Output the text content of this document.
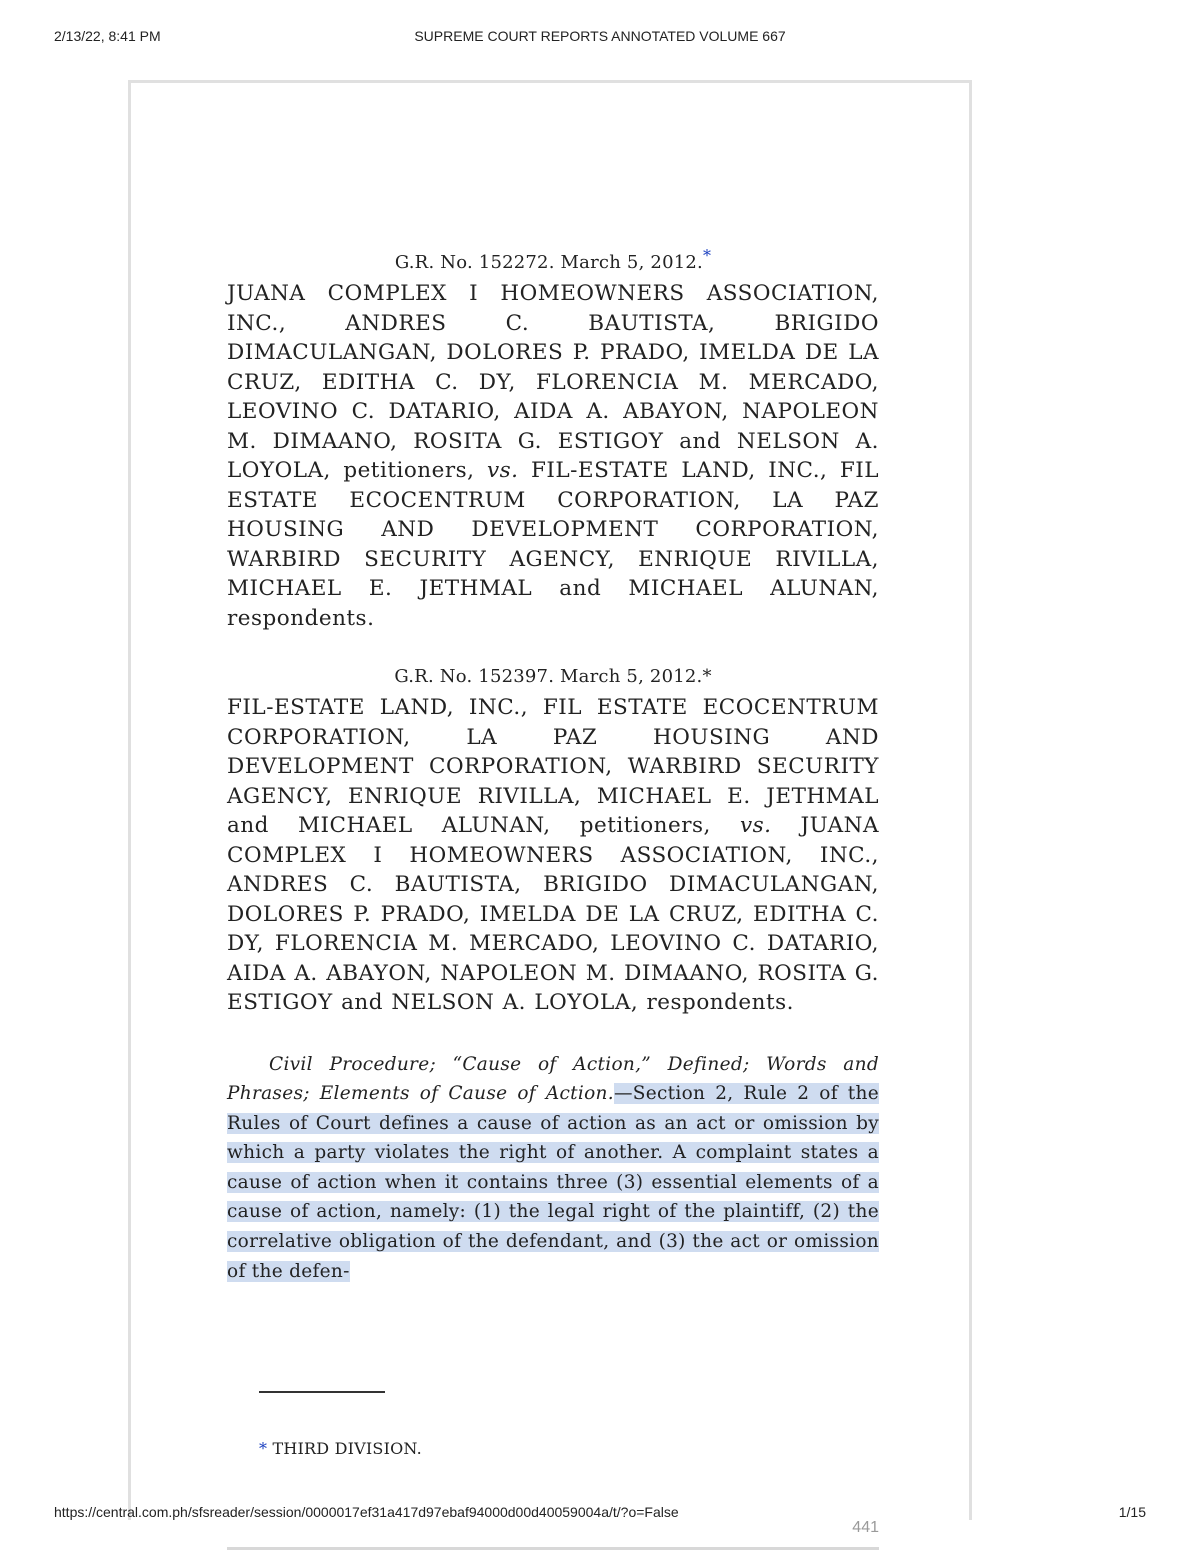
2/13/22, 8:41 PM	SUPREME COURT REPORTS ANNOTATED VOLUME 667

G.R. No. 152272. March 5, 2012.*

JUANA COMPLEX I HOMEOWNERS ASSOCIATION, INC., ANDRES C. BAUTISTA, BRIGIDO DIMACULANGAN, DOLORES P. PRADO, IMELDA DE LA CRUZ, EDITHA C. DY, FLORENCIA M. MERCADO, LEOVINO C. DATARIO, AIDA A. ABAYON, NAPOLEON M. DIMAANO, ROSITA G. ESTIGOY and NELSON A. LOYOLA, petitioners, vs. FIL-ESTATE LAND, INC., FIL ESTATE ECOCENTRUM CORPORATION, LA PAZ HOUSING AND DEVELOPMENT CORPORATION, WARBIRD SECURITY AGENCY, ENRIQUE RIVILLA, MICHAEL E. JETHMAL and MICHAEL ALUNAN, respondents.

G.R. No. 152397. March 5, 2012.*

FIL-ESTATE LAND, INC., FIL ESTATE ECOCENTRUM CORPORATION, LA PAZ HOUSING AND DEVELOPMENT CORPORATION, WARBIRD SECURITY AGENCY, ENRIQUE RIVILLA, MICHAEL E. JETHMAL and MICHAEL ALUNAN, petitioners, vs. JUANA COMPLEX I HOMEOWNERS ASSOCIATION, INC., ANDRES C. BAUTISTA, BRIGIDO DIMACULANGAN, DOLORES P. PRADO, IMELDA DE LA CRUZ, EDITHA C. DY, FLORENCIA M. MERCADO, LEOVINO C. DATARIO, AIDA A. ABAYON, NAPOLEON M. DIMAANO, ROSITA G. ESTIGOY and NELSON A. LOYOLA, respondents.

Civil Procedure; “Cause of Action,” Defined; Words and Phrases; Elements of Cause of Action.—Section 2, Rule 2 of the Rules of Court defines a cause of action as an act or omission by which a party violates the right of another. A complaint states a cause of action when it contains three (3) essential elements of a cause of action, namely: (1) the legal right of the plaintiff, (2) the correlative obligation of the defendant, and (3) the act or omission of the defen-

* THIRD DIVISION.
441
https://central.com.ph/sfsreader/session/0000017ef31a417d97ebaf94000d00d40059004a/t/?o=False	1/15
